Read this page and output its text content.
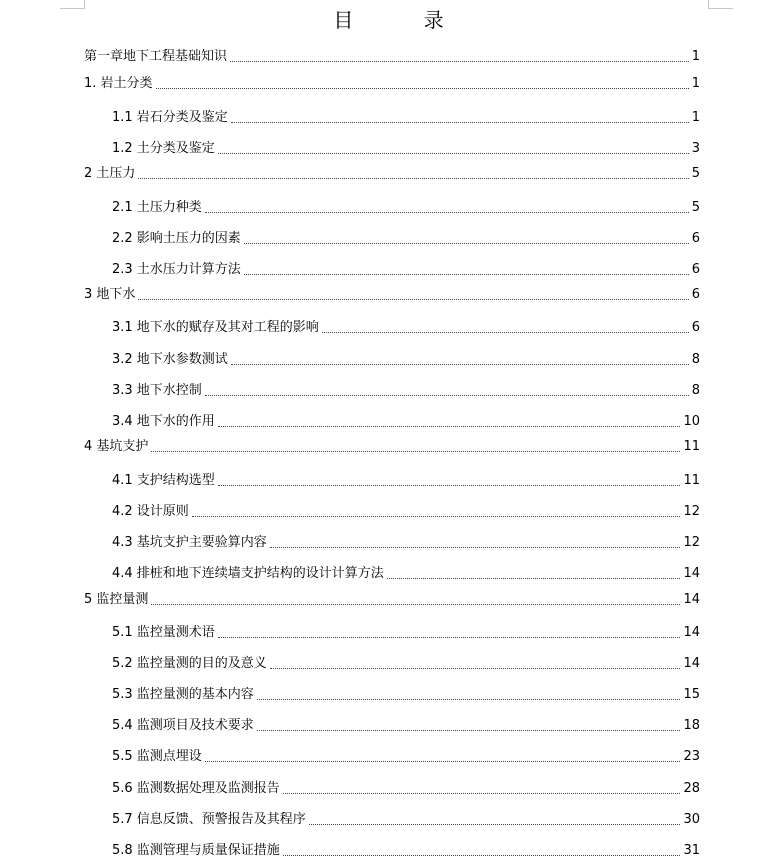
目 录
第一章地下工程基础知识	1
1. 岩土分类	1
1.1 岩石分类及鉴定	1
1.2 土分类及鉴定	3
2 土压力	5
2.1 土压力种类	5
2.2 影响土压力的因素	6
2.3 土水压力计算方法	6
3 地下水	6
3.1 地下水的赋存及其对工程的影响	6
3.2 地下水参数测试	8
3.3 地下水控制	8
3.4 地下水的作用	10
4 基坑支护	11
4.1 支护结构选型	11
4.2 设计原则	12
4.3 基坑支护主要验算内容	12
4.4 排桩和地下连续墙支护结构的设计计算方法	14
5 监控量测	14
5.1 监控量测术语	14
5.2 监控量测的目的及意义	14
5.3 监控量测的基本内容	15
5.4 监测项目及技术要求	18
5.5 监测点埋设	23
5.6 监测数据处理及监测报告	28
5.7 信息反馈、预警报告及其程序	30
5.8 监测管理与质量保证措施	31
